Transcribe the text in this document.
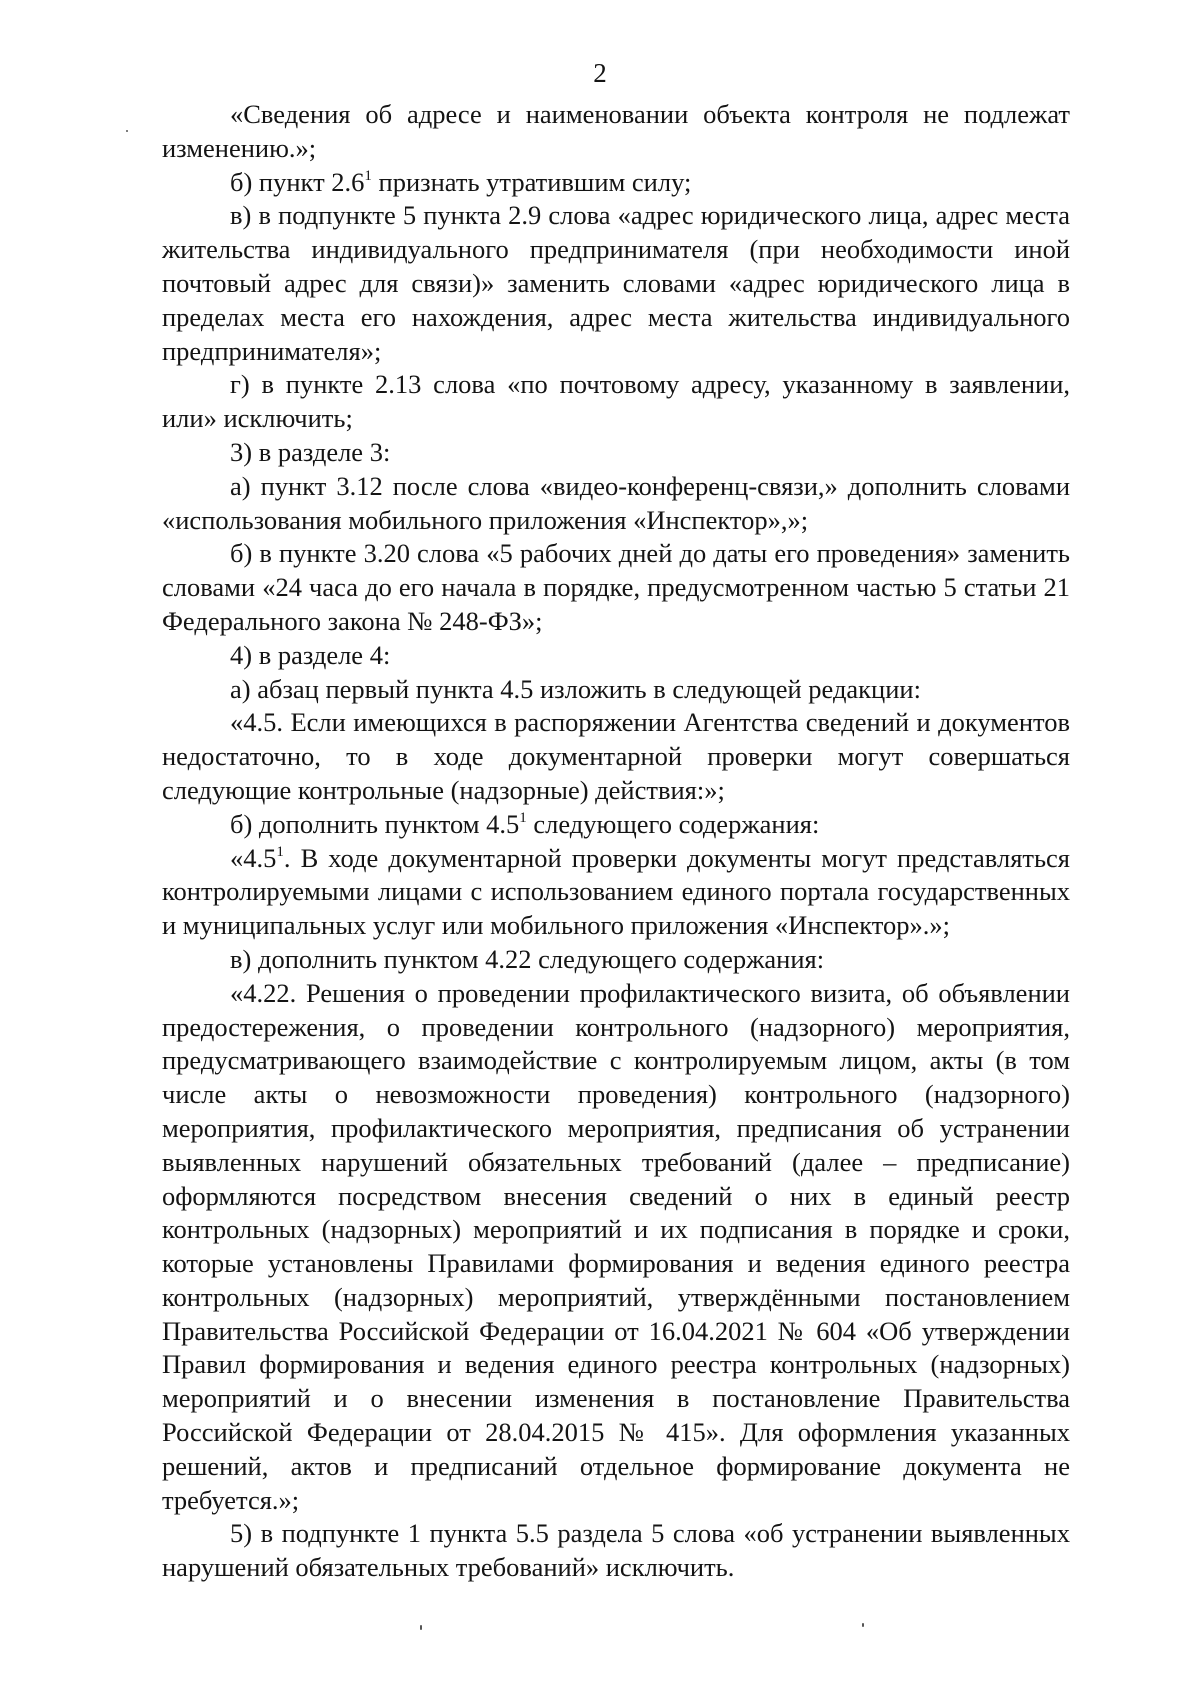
2

«Сведения об адресе и наименовании объекта контроля не подлежат изменению.»;

б) пункт $2.6^1$ признать утратившим силу;

в) в подпункте 5 пункта 2.9 слова «адрес юридического лица, адрес места жительства индивидуального предпринимателя (при необходимости иной почтовый адрес для связи)» заменить словами «адрес юридического лица в пределах места его нахождения, адрес места жительства индивидуального предпринимателя»;

г) в пункте 2.13 слова «по почтовому адресу, указанному в заявлении, или» исключить;

3) в разделе 3:

а) пункт 3.12 после слова «видео-конференц-связи,» дополнить словами «использования мобильного приложения «Инспектор»,»;

б) в пункте 3.20 слова «5 рабочих дней до даты его проведения» заменить словами «24 часа до его начала в порядке, предусмотренном частью 5 статьи 21 Федерального закона № 248-ФЗ»;

4) в разделе 4:

а) абзац первый пункта 4.5 изложить в следующей редакции:

«4.5. Если имеющихся в распоряжении Агентства сведений и документов недостаточно, то в ходе документарной проверки могут совершаться следующие контрольные (надзорные) действия:»;

б) дополнить пунктом $4.5^1$ следующего содержания:

«$4.5^1$. В ходе документарной проверки документы могут представляться контролируемыми лицами с использованием единого портала государственных и муниципальных услуг или мобильного приложения «Инспектор».»;

в) дополнить пунктом 4.22 следующего содержания:

«4.22. Решения о проведении профилактического визита, об объявлении предостережения, о проведении контрольного (надзорного) мероприятия, предусматривающего взаимодействие с контролируемым лицом, акты (в том числе акты о невозможности проведения) контрольного (надзорного) мероприятия, профилактического мероприятия, предписания об устранении выявленных нарушений обязательных требований (далее – предписание) оформляются посредством внесения сведений о них в единый реестр контрольных (надзорных) мероприятий и их подписания в порядке и сроки, которые установлены Правилами формирования и ведения единого реестра контрольных (надзорных) мероприятий, утверждёнными постановлением Правительства Российской Федерации от 16.04.2021 № 604 «Об утверждении Правил формирования и ведения единого реестра контрольных (надзорных) мероприятий и о внесении изменения в постановление Правительства Российской Федерации от 28.04.2015 № 415». Для оформления указанных решений, актов и предписаний отдельное формирование документа не требуется.»;

5) в подпункте 1 пункта 5.5 раздела 5 слова «об устранении выявленных нарушений обязательных требований» исключить.
